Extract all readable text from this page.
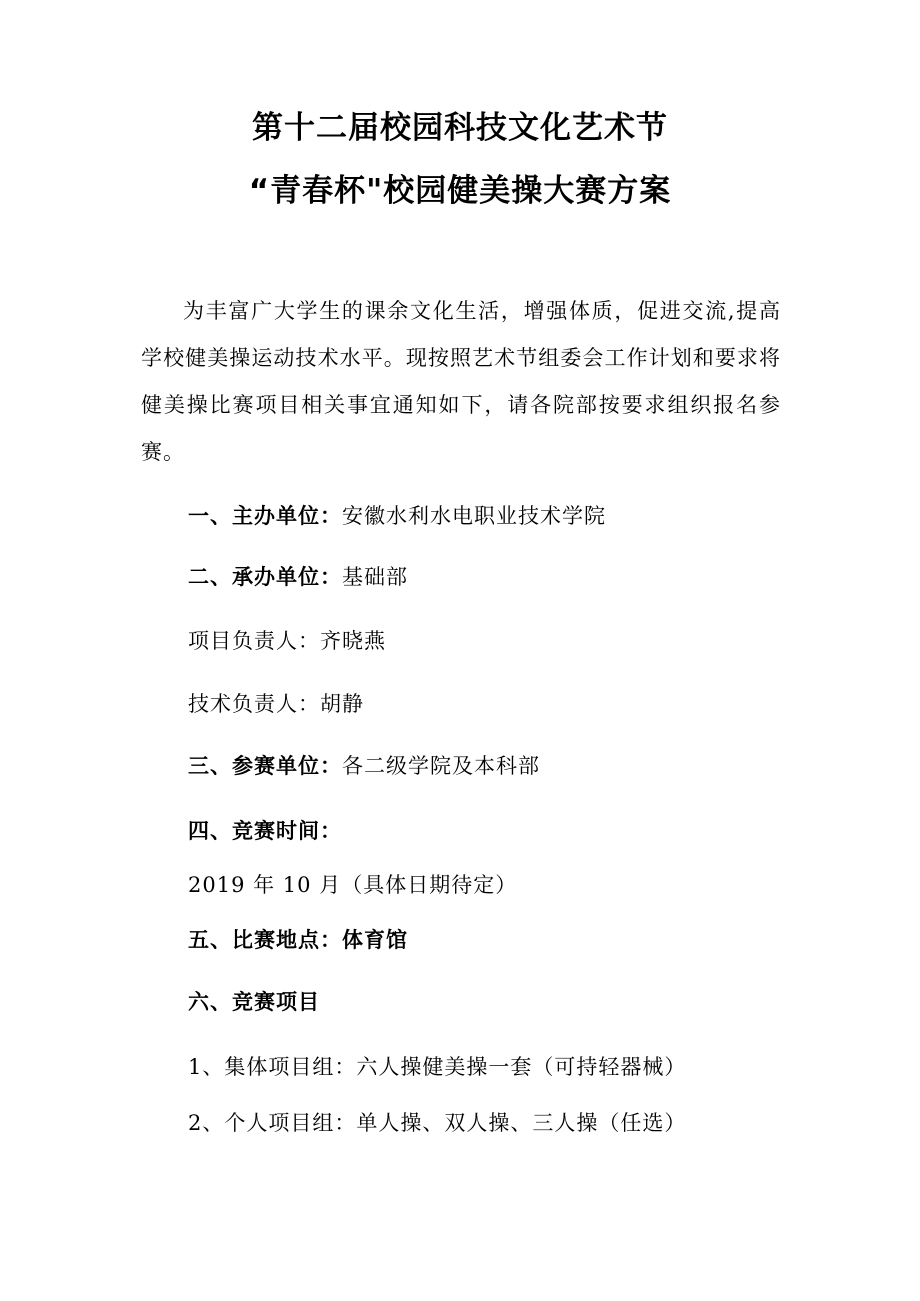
第十二届校园科技文化艺术节
“青春杯"校园健美操大赛方案

为丰富广大学生的课余文化生活，增强体质，促进交流,提高学校健美操运动技术水平。现按照艺术节组委会工作计划和要求将健美操比赛项目相关事宜通知如下，请各院部按要求组织报名参赛。

一、主办单位：安徽水利水电职业技术学院
二、承办单位：基础部
项目负责人：齐晓燕
技术负责人：胡静
三、参赛单位：各二级学院及本科部
四、竞赛时间：
2019 年 10 月（具体日期待定）
五、比赛地点：体育馆
六、竞赛项目
1、集体项目组：六人操健美操一套（可持轻器械）
2、个人项目组：单人操、双人操、三人操（任选）
